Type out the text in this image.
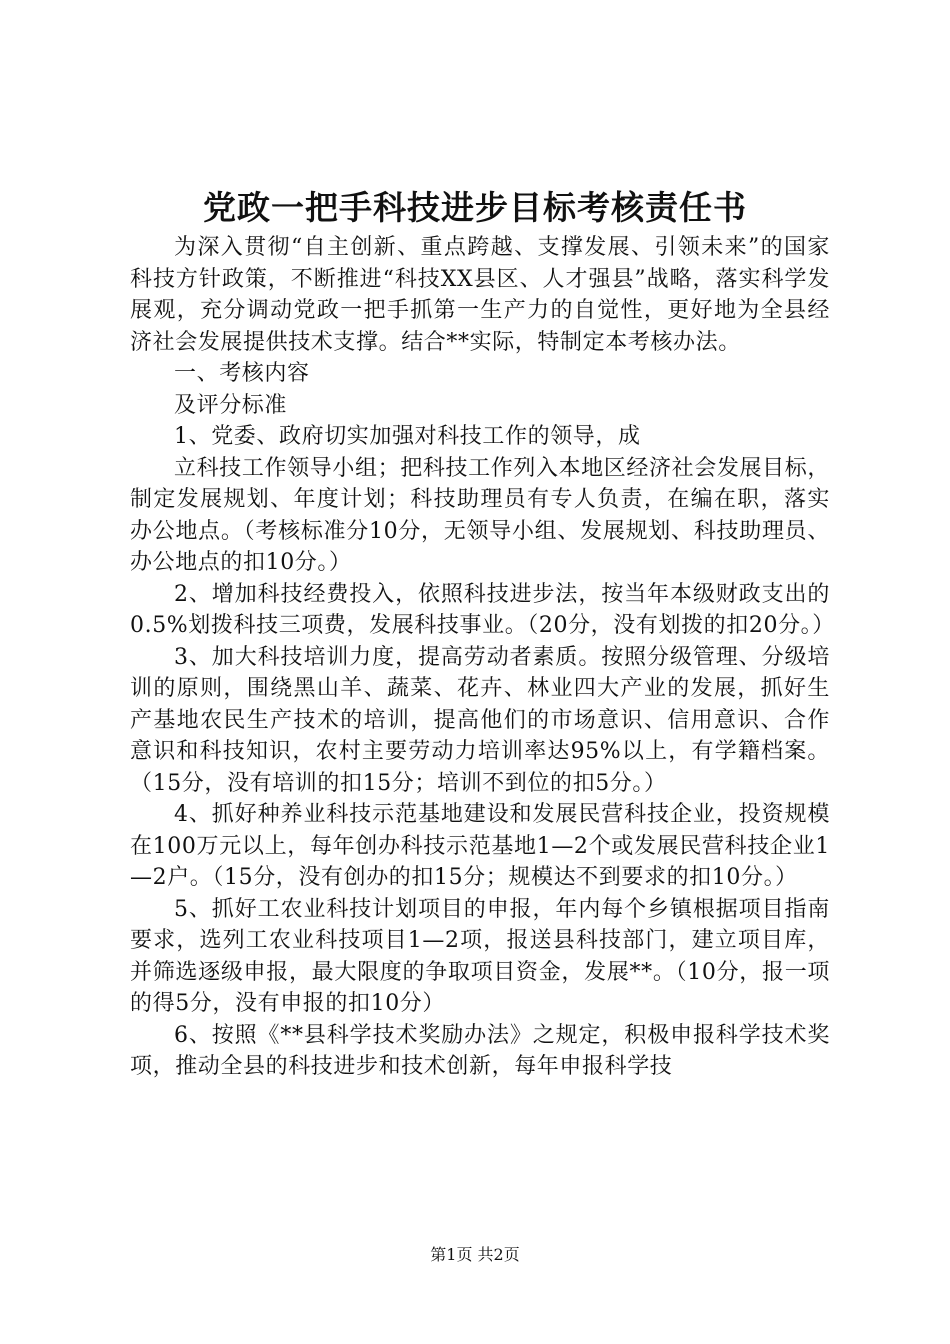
党政一把手科技进步目标考核责任书

为深入贯彻“自主创新、重点跨越、支撑发展、引领未来”的国家科技方针政策，不断推进“科技XX县区、人才强县”战略，落实科学发展观，充分调动党政一把手抓第一生产力的自觉性，更好地为全县经济社会发展提供技术支撑。结合**实际，特制定本考核办法。

一、考核内容

及评分标准

1、党委、政府切实加强对科技工作的领导，成

立科技工作领导小组；把科技工作列入本地区经济社会发展目标，制定发展规划、年度计划；科技助理员有专人负责，在编在职，落实办公地点。（考核标准分10分，无领导小组、发展规划、科技助理员、办公地点的扣10分。）

2、增加科技经费投入，依照科技进步法，按当年本级财政支出的0.5%划拨科技三项费，发展科技事业。（20分，没有划拨的扣20分。）

3、加大科技培训力度，提高劳动者素质。按照分级管理、分级培训的原则，围绕黑山羊、蔬菜、花卉、林业四大产业的发展，抓好生产基地农民生产技术的培训，提高他们的市场意识、信用意识、合作意识和科技知识，农村主要劳动力培训率达95%以上，有学籍档案。（15分，没有培训的扣15分；培训不到位的扣5分。）

4、抓好种养业科技示范基地建设和发展民营科技企业，投资规模在100万元以上，每年创办科技示范基地1—2个或发展民营科技企业1—2户。（15分，没有创办的扣15分；规模达不到要求的扣10分。）

5、抓好工农业科技计划项目的申报，年内每个乡镇根据项目指南要求，选列工农业科技项目1—2项，报送县科技部门，建立项目库，并筛选逐级申报，最大限度的争取项目资金，发展**。（10分，报一项的得5分，没有申报的扣10分）

6、按照《**县科学技术奖励办法》之规定，积极申报科学技术奖项，推动全县的科技进步和技术创新，每年申报科学技

第1页 共2页
